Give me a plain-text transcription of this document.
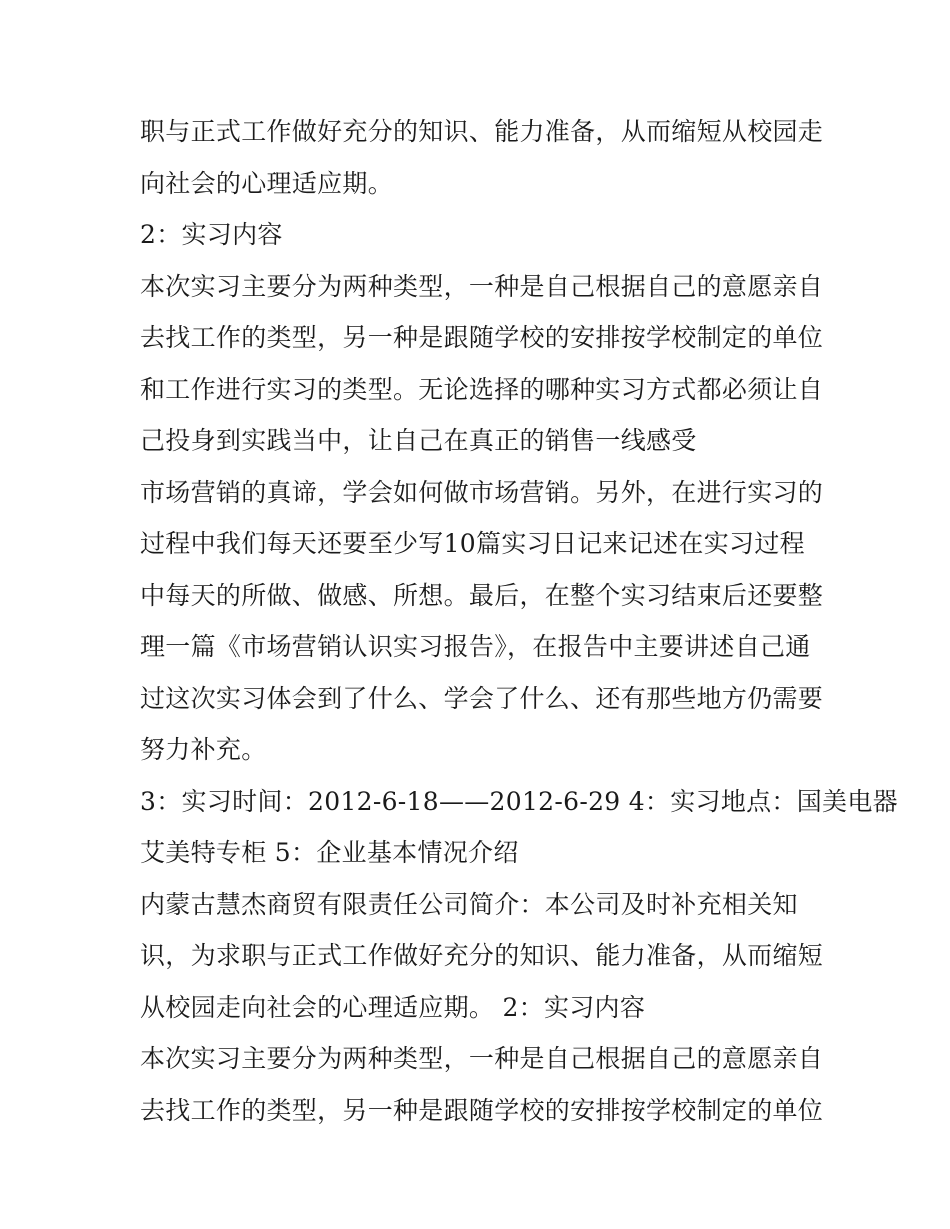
职与正式工作做好充分的知识、能力准备，从而缩短从校园走
向社会的心理适应期。
2：实习内容
本次实习主要分为两种类型，一种是自己根据自己的意愿亲自
去找工作的类型，另一种是跟随学校的安排按学校制定的单位
和工作进行实习的类型。无论选择的哪种实习方式都必须让自
己投身到实践当中，让自己在真正的销售一线感受
市场营销的真谛，学会如何做市场营销。另外，在进行实习的
过程中我们每天还要至少写10篇实习日记来记述在实习过程
中每天的所做、做感、所想。最后，在整个实习结束后还要整
理一篇《市场营销认识实习报告》，在报告中主要讲述自己通
过这次实习体会到了什么、学会了什么、还有那些地方仍需要
努力补充。
3：实习时间：2012-6-18——2012-6-29 4：实习地点：国美电器
艾美特专柜 5：企业基本情况介绍
内蒙古慧杰商贸有限责任公司简介：本公司及时补充相关知
识，为求职与正式工作做好充分的知识、能力准备，从而缩短
从校园走向社会的心理适应期。 2：实习内容
本次实习主要分为两种类型，一种是自己根据自己的意愿亲自
去找工作的类型，另一种是跟随学校的安排按学校制定的单位
